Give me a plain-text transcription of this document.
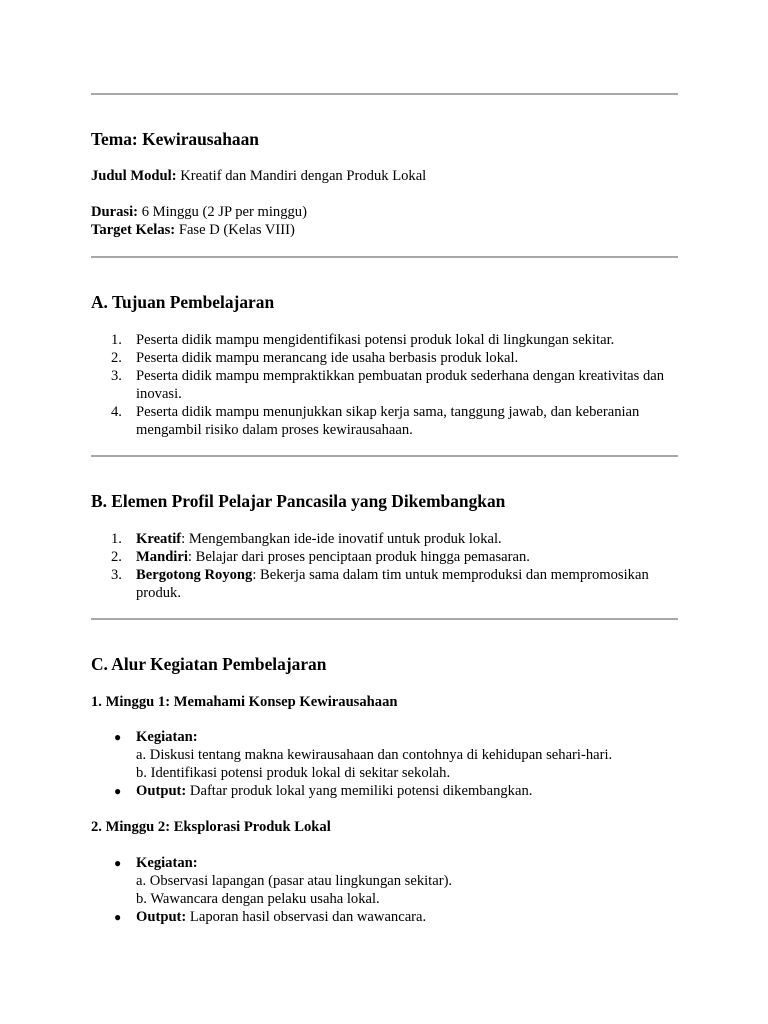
Tema: Kewirausahaan

Judul Modul: Kreatif dan Mandiri dengan Produk Lokal

Durasi: 6 Minggu (2 JP per minggu)

Target Kelas: Fase D (Kelas VIII)

A. Tujuan Pembelajaran
1. Peserta didik mampu mengidentifikasi potensi produk lokal di lingkungan sekitar.
2. Peserta didik mampu merancang ide usaha berbasis produk lokal.
3. Peserta didik mampu mempraktikkan pembuatan produk sederhana dengan kreativitas dan inovasi.
4. Peserta didik mampu menunjukkan sikap kerja sama, tanggung jawab, dan keberanian mengambil risiko dalam proses kewirausahaan.
B. Elemen Profil Pelajar Pancasila yang Dikembangkan
1. Kreatif: Mengembangkan ide-ide inovatif untuk produk lokal.
2. Mandiri: Belajar dari proses penciptaan produk hingga pemasaran.
3. Bergotong Royong: Bekerja sama dalam tim untuk memproduksi dan mempromosikan produk.
C. Alur Kegiatan Pembelajaran
1. Minggu 1: Memahami Konsep Kewirausahaan
● Kegiatan:
a. Diskusi tentang makna kewirausahaan dan contohnya di kehidupan sehari-hari.
b. Identifikasi potensi produk lokal di sekitar sekolah.
● Output: Daftar produk lokal yang memiliki potensi dikembangkan.
2. Minggu 2: Eksplorasi Produk Lokal
● Kegiatan:
a. Observasi lapangan (pasar atau lingkungan sekitar).
b. Wawancara dengan pelaku usaha lokal.
● Output: Laporan hasil observasi dan wawancara.
